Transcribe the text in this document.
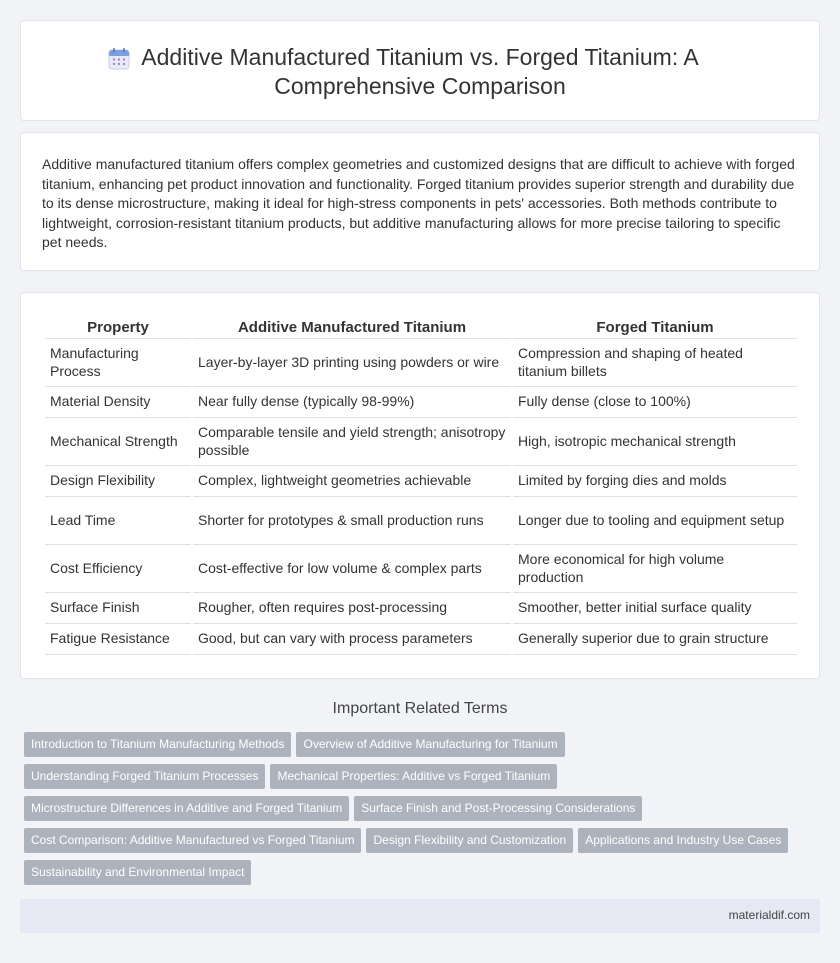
Additive Manufactured Titanium vs. Forged Titanium: A Comprehensive Comparison

Additive manufactured titanium offers complex geometries and customized designs that are difficult to achieve with forged titanium, enhancing pet product innovation and functionality. Forged titanium provides superior strength and durability due to its dense microstructure, making it ideal for high-stress components in pets' accessories. Both methods contribute to lightweight, corrosion-resistant titanium products, but additive manufacturing allows for more precise tailoring to specific pet needs.

Property	Additive Manufactured Titanium	Forged Titanium
Manufacturing Process	Layer-by-layer 3D printing using powders or wire	Compression and shaping of heated titanium billets
Material Density	Near fully dense (typically 98-99%)	Fully dense (close to 100%)
Mechanical Strength	Comparable tensile and yield strength; anisotropy possible	High, isotropic mechanical strength
Design Flexibility	Complex, lightweight geometries achievable	Limited by forging dies and molds
Lead Time	Shorter for prototypes & small production runs	Longer due to tooling and equipment setup
Cost Efficiency	Cost-effective for low volume & complex parts	More economical for high volume production
Surface Finish	Rougher, often requires post-processing	Smoother, better initial surface quality
Fatigue Resistance	Good, but can vary with process parameters	Generally superior due to grain structure
Important Related Terms
Introduction to Titanium Manufacturing Methods Overview of Additive Manufacturing for Titanium
Understanding Forged Titanium Processes Mechanical Properties: Additive vs Forged Titanium
Microstructure Differences in Additive and Forged Titanium Surface Finish and Post-Processing Considerations
Cost Comparison: Additive Manufactured vs Forged Titanium Design Flexibility and Customization Applications and Industry Use Cases
Sustainability and Environmental Impact
materialdif.com
